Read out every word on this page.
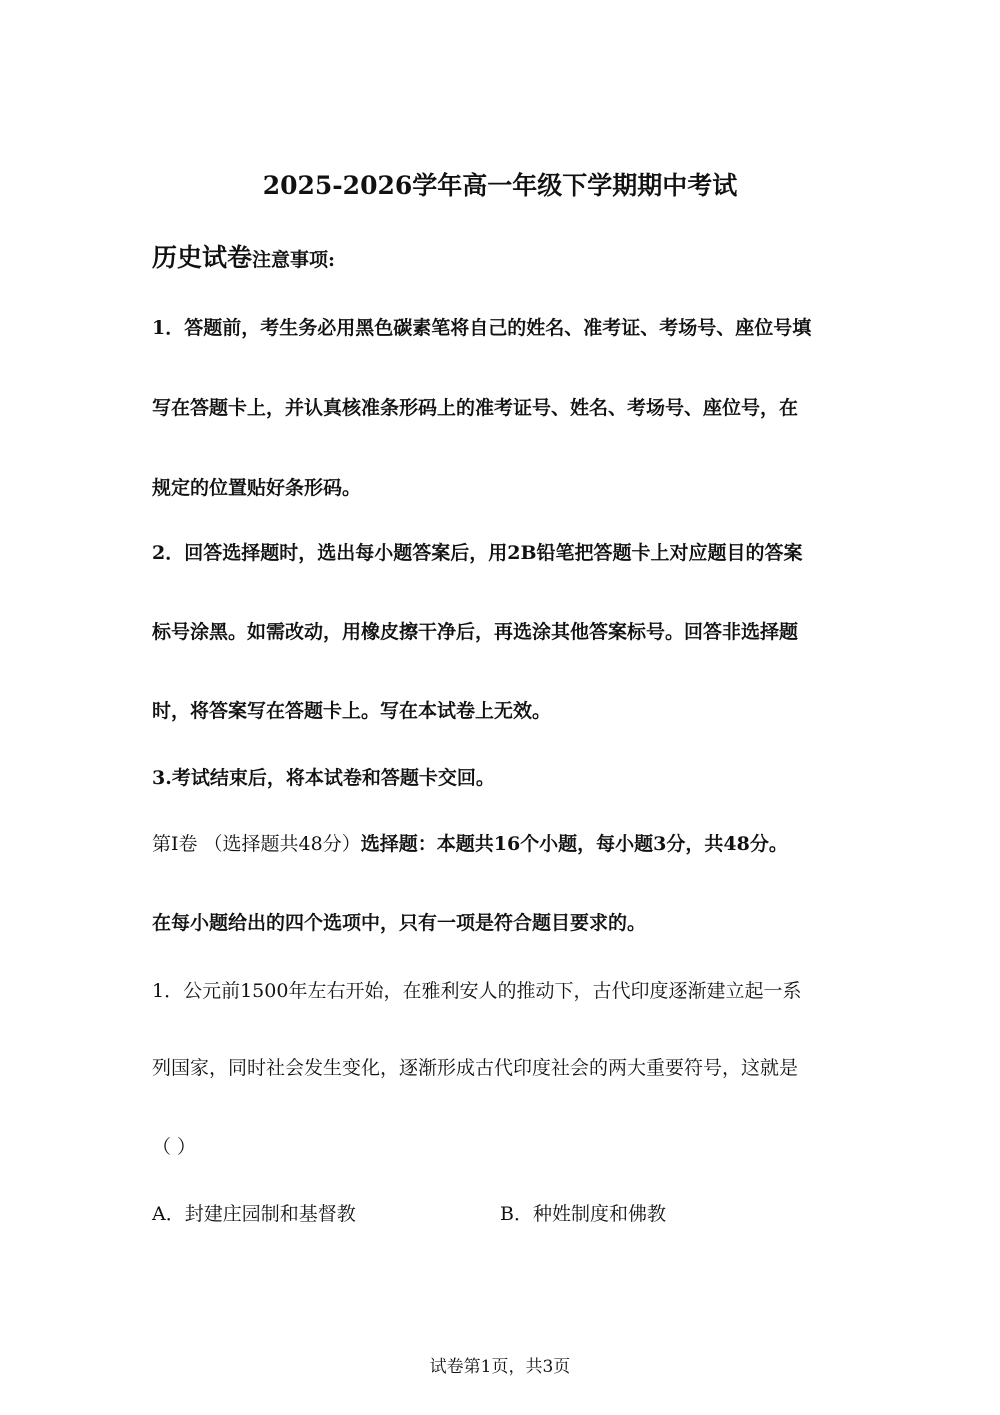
2025-2026学年高一年级下学期期中考试
历史试卷注意事项:
1．答题前，考生务必用黑色碳素笔将自己的姓名、准考证、考场号、座位号填
写在答题卡上，并认真核准条形码上的准考证号、姓名、考场号、座位号，在
规定的位置贴好条形码。
2．回答选择题时，选出每小题答案后，用2B铅笔把答题卡上对应题目的答案
标号涂黑。如需改动，用橡皮擦干净后，再选涂其他答案标号。回答非选择题
时，将答案写在答题卡上。写在本试卷上无效。
3.考试结束后，将本试卷和答题卡交回。
第I卷 （选择题共48分）选择题：本题共16个小题，每小题3分，共48分。
在每小题给出的四个选项中，只有一项是符合题目要求的。
1．公元前1500年左右开始，在雅利安人的推动下，古代印度逐渐建立起一系
列国家，同时社会发生变化，逐渐形成古代印度社会的两大重要符号，这就是
（ ）
A．封建庄园制和基督教	B．种姓制度和佛教
试卷第1页，共3页
